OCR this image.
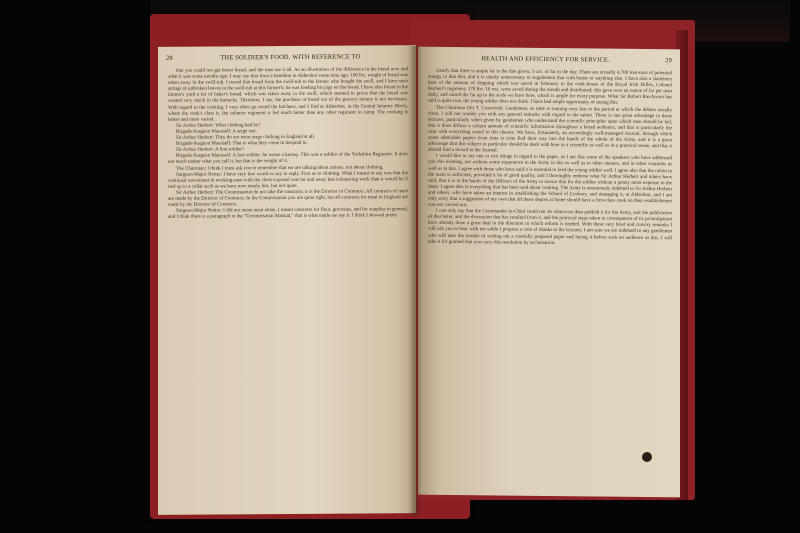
28	THE SOLDIER'S FOOD, WITH REFERENCE TO

that you could not get better bread, and the men eat it all. As an illustration of the difference in the bread now and what it was some months ago, I may say that from a battalion in Aldershot some time ago, 100 lbs. weight of bread was taken away in the swill-tub. I traced that bread from the swill-tub to the farmer who bought the swill, and I have seen strings of unbroken loaves in the swill-tub at this farmer's; he was feeding his pigs on the bread. I have also found in the farmer's yard a lot of baker's bread, which was taken away in the swill, which seemed to prove that the bread was wasted very much in the barracks. Therefore, I say, the purchase of bread out of the grocery money is not necessary. With regard to the cooking, I very often go round the kitchens, and I find at Aldershot, in the Central Infantry Block, where the cook's class is, the infantry regiment is fed much better than any other regiment in camp. The cooking is better and more varied.

Sir Arthur Herbert: What clothing had he?

Brigade-Surgeon Maunsell: A serge suit.

Sir Arthur Herbert: They do not wear serge clothing in England at all.

Brigade-Surgeon Maunsell: That is what they come to hospital in.

Sir Arthur Herbert: A line soldier?

Brigade-Surgeon Maunsell: A line soldier: he wears a kersey. This was a soldier of the Yorkshire Regiment. It does not much matter what you call it, but that is the weight of it.

The Chairman: I think I must ask you to remember that we are talking about rations, not about clothing.

Surgeon-Major Notter: I have very few words to say in reply. First as to clothing. What I meant to say was that the continual movement in working-men with the chest exposed was far and away less exhausting work than it would be if tied up in a collar such as we have now nearly lost, but not quite.

Sir Arthur Herbert: The Commissariat do not take the contracts; it is the Director of Contracts. All contracts of meat are made by the Director of Contracts. In the Commissariat you are quite right, but all contracts for meat in England are made by the Director of Contracts.

Surgeon-Major Notter: I did not mean meat alone, I meant contracts for flour, groceries, and for supplies in general, and I think there is a paragraph in the "Commissariat Manual," that is what made me say it. I think I showed pretty

HEALTH AND EFFICIENCY FOR SERVICE.	29

clearly that there is ample fat in the diet given, 3 ozs. of fat in the day. There are actually 4,700 foot-tons of potential energy in that diet, and it is utterly unnecessary to supplement that with butter or anything else. I have also a statement here of the amount of dripping which was saved in February in the cook-house of the Royal Irish Rifles, Colonel Burnett's regiment; 378 lbs. 10 ozs. were saved during the month and distributed; this gave over an ounce of fat per man daily, and raised the fat up to the scale we have here, which is ample for every purpose. What Sir Robert Rawlinson has said is quite true, the young soldier does not drink. I have had ample opportunity of seeing this.

The Chairman (Sir T. Crawford): Gentlemen, as time is running very fast to the period at which the debate usually close, I will not trouble you with any general remarks with regard to the ration. There is one great advantage in these lectures, particularly when given by gentlemen who understand the scientific principles upon which men should be fed, that it does diffuse a certain amount of scientific information throughout a broad audience, and that is particularly the case with everything stated in this theatre. We have, fortunately, an exceedingly well-managed Journal, through which some admirable papers from time to time find their way into the hands of the whole of the Army, and it is a great advantage that this subject in particular should be dealt with here in a scientific as well as in a practical sense, and that it should find a record in the Journal.

I would like to say one or two things in regard to the paper, as I am like some of the speakers who have addressed you this evening, not without some experience in the Army in this as well as in other matters, and in other countries as well as in this. I agree with those who have said it is essential to feed the young soldier well. I agree also that the ration in the main is sufficient, provided it be of good quality, and I thoroughly endorse what Sir Arthur Herbert and others have said, that it is in the hands of the Officers of the Army to secure that for the soldier without a penny more expense to the State. I agree also in everything that has been said about cooking. The Army is enormously indebted to Sir Arthur Herbert and others, who have taken an interest in establishing the School of Cookery, and managing it, at Aldershot, and I am only sorry that a suggestion of my own that all these depots at home should have a first-class cook on their establishment was not carried out.

I can only say that the Commander-in-Chief could not do otherwise than publish it for the Army, and the publication of that letter, and the discussion that has resulted from it, and the practical steps taken in consequence of its promulgation have already done a great deal in the direction in which reform is needed. With these very brief and cursory remarks I will ask you to bear with me while I propose a vote of thanks to the lecturer. I am sure we are indebted to any gentleman who will take the trouble of writing out a carefully prepared paper and laying it before such an audience as this. I will take it for granted that you carry this resolution by acclamation.
